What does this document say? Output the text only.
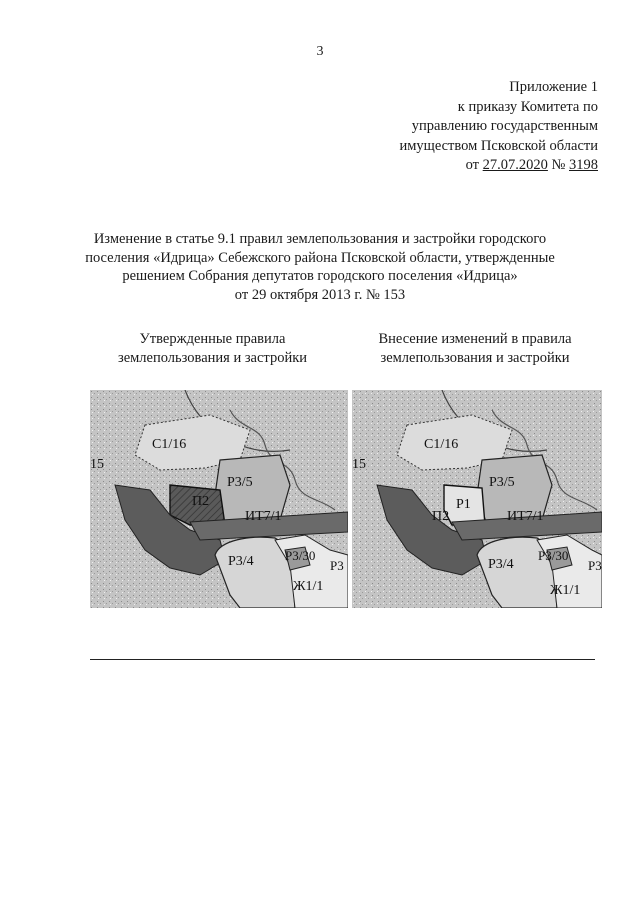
3
Приложение 1
к приказу Комитета по
управлению государственным
имуществом Псковской области
от 27.07.2020 № 3198
Изменение в статье 9.1 правил землепользования и застройки городского
поселения «Идрица» Себежского района Псковской области, утвержденные
решением Собрания депутатов городского поселения «Идрица»
от 29 октября 2013 г. № 153
Утвержденные правила
землепользования и застройки
Внесение изменений в правила
землепользования и застройки
С1/16
15
Р3/5
П2
ИТ7/1
Р3/4 Р3/30
Р3
Ж1/1
С1/16
15
Р3/5
Р1
П2	ИТ7/1
Р3/4
Р3/30
Р3
Ж1/1
